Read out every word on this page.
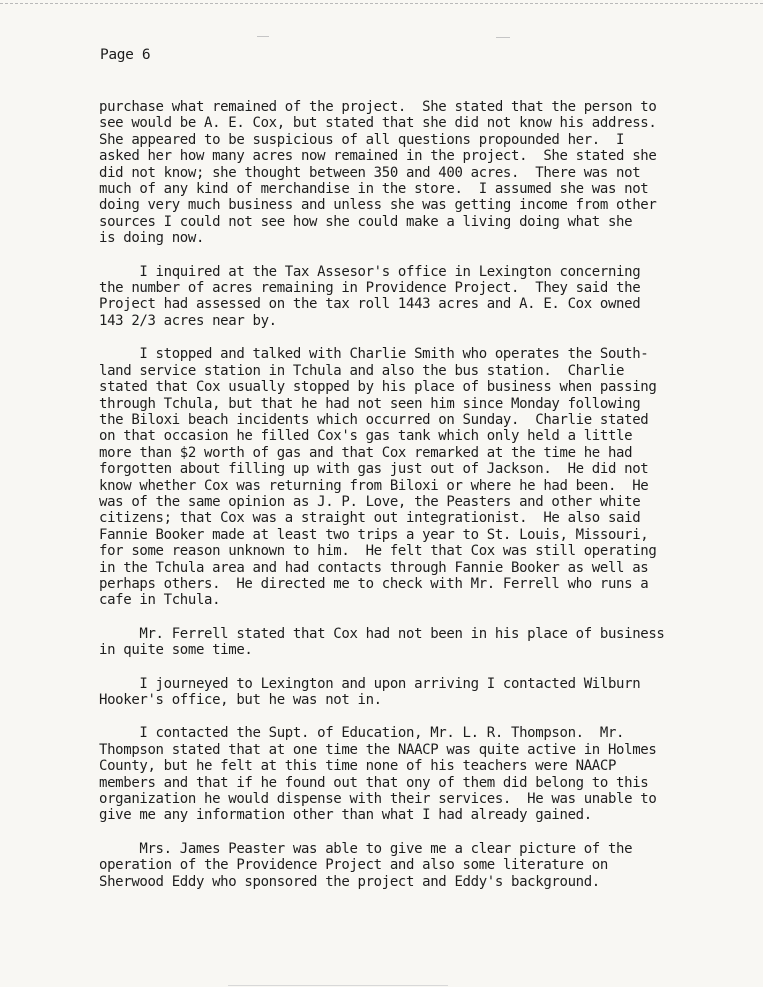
Page 6

purchase what remained of the project.  She stated that the person to
see would be A. E. Cox, but stated that she did not know his address.
She appeared to be suspicious of all questions propounded her.  I
asked her how many acres now remained in the project.  She stated she
did not know; she thought between 350 and 400 acres.  There was not
much of any kind of merchandise in the store.  I assumed she was not
doing very much business and unless she was getting income from other
sources I could not see how she could make a living doing what she
is doing now.

I inquired at the Tax Assesor's office in Lexington concerning
the number of acres remaining in Providence Project.  They said the
Project had assessed on the tax roll 1443 acres and A. E. Cox owned
143 2/3 acres near by.

I stopped and talked with Charlie Smith who operates the South-
land service station in Tchula and also the bus station.  Charlie
stated that Cox usually stopped by his place of business when passing
through Tchula, but that he had not seen him since Monday following
the Biloxi beach incidents which occurred on Sunday.  Charlie stated
on that occasion he filled Cox's gas tank which only held a little
more than $2 worth of gas and that Cox remarked at the time he had
forgotten about filling up with gas just out of Jackson.  He did not
know whether Cox was returning from Biloxi or where he had been.  He
was of the same opinion as J. P. Love, the Peasters and other white
citizens; that Cox was a straight out integrationist.  He also said
Fannie Booker made at least two trips a year to St. Louis, Missouri,
for some reason unknown to him.  He felt that Cox was still operating
in the Tchula area and had contacts through Fannie Booker as well as
perhaps others.  He directed me to check with Mr. Ferrell who runs a
cafe in Tchula.

Mr. Ferrell stated that Cox had not been in his place of business
in quite some time.

I journeyed to Lexington and upon arriving I contacted Wilburn
Hooker's office, but he was not in.

I contacted the Supt. of Education, Mr. L. R. Thompson.  Mr.
Thompson stated that at one time the NAACP was quite active in Holmes
County, but he felt at this time none of his teachers were NAACP
members and that if he found out that ony of them did belong to this
organization he would dispense with their services.  He was unable to
give me any information other than what I had already gained.

Mrs. James Peaster was able to give me a clear picture of the
operation of the Providence Project and also some literature on
Sherwood Eddy who sponsored the project and Eddy's background.
